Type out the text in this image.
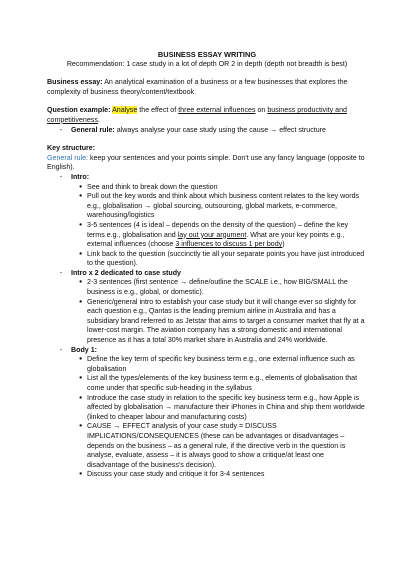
BUSINESS ESSAY WRITING
Recommendation: 1 case study in a lot of depth OR 2 in depth (depth not breadth is best)
Business essay: An analytical examination of a business or a few businesses that explores the complexity of business theory/content/textbook.
Question example: Analyse the effect of three external influences on business productivity and competitiveness.
- General rule: always analyse your case study using the cause → effect structure
Key structure:
General rule: keep your sentences and your points simple. Don't use any fancy language (opposite to English).
- Intro:
● See and think to break down the question
● Pull out the key words and think about which business content relates to the key words e.g., globalisation → global sourcing, outsourcing, global markets, e-commerce, warehousing/logistics
● 3-5 sentences (4 is ideal – depends on the density of the question) – define the key terms e.g., globalisation and lay out your argument. What are your key points e.g., external influences (choose 3 influences to discuss 1 per body)
● Link back to the question (succinctly tie all your separate points you have just introduced to the question).
- Intro x 2 dedicated to case study
● 2-3 sentences (first sentence → define/outline the SCALE i.e., how BIG/SMALL the business is e.g., global, or domestic).
● Generic/general intro to establish your case study but it will change ever so slightly for each question e.g., Qantas is the leading premium airline in Australia and has a subsidiary brand referred to as Jetstar that aims to target a consumer market that fly at a lower-cost margin. The aviation company has a strong domestic and international presence as it has a total 30% market share in Australia and 24% worldwide.
- Body 1:
● Define the key term of specific key business term e.g., one external influence such as globalisation
● List all the types/elements of the key business term e.g., elements of globalisation that come under that specific sub-heading in the syllabus
● Introduce the case study in relation to the specific key business term e.g., how Apple is affected by globalisation → manufacture their iPhones in China and ship them worldwide (linked to cheaper labour and manufacturing costs)
● CAUSE → EFFECT analysis of your case study = DISCUSS IMPLICATIONS/CONSEQUENCES (these can be advantages or disadvantages – depends on the business – as a general rule, if the directive verb in the question is analyse, evaluate, assess – it is always good to show a critique/at least one disadvantage of the business's decision).
● Discuss your case study and critique it for 3-4 sentences
